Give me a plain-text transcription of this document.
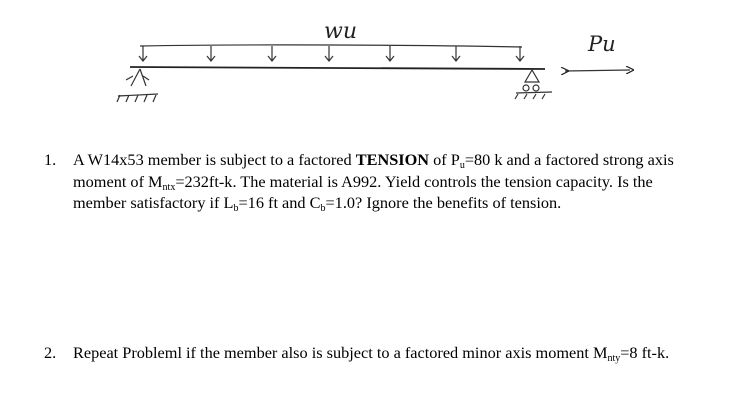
wu	Pu
1. A W14x53 member is subject to a factored TENSION of $P_u=80$ k and a factored strong axis moment of $M_{ntx}=232ft-k$. The material is A992. Yield controls the tension capacity. Is the member satisfactory if $L_b=16$ ft and $C_b=1.0$? Ignore the benefits of tension.
2. Repeat Probleml if the member also is subject to a factored minor axis moment $M_{nty}=8$ ft-k.
